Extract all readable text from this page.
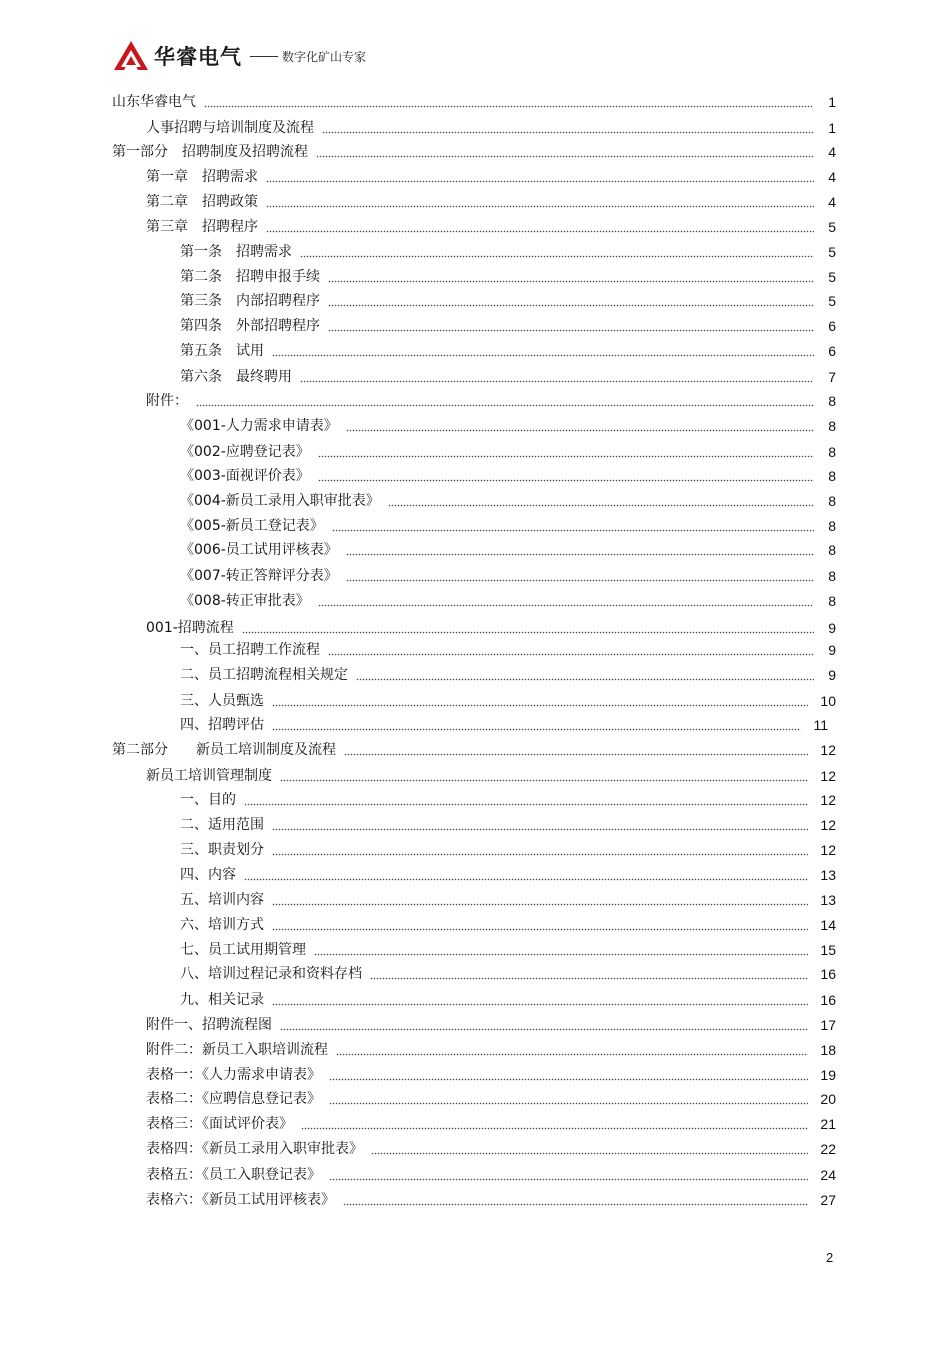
华睿电气	数字化矿山专家
山东华睿电气	1
人事招聘与培训制度及流程	1
第一部分　招聘制度及招聘流程	4
第一章　招聘需求	4
第二章　招聘政策	4
第三章　招聘程序	5
第一条　招聘需求	5
第二条　招聘申报手续	5
第三条　内部招聘程序	5
第四条　外部招聘程序	6
第五条　试用	6
第六条　最终聘用	7
附件：	8
《001-人力需求申请表》	8
《002-应聘登记表》	8
《003-面视评价表》	8
《004-新员工录用入职审批表》	8
《005-新员工登记表》	8
《006-员工试用评核表》	8
《007-转正答辩评分表》	8
《008-转正审批表》	8
001-招聘流程	9
一、员工招聘工作流程	9
二、员工招聘流程相关规定	9
三、人员甄选	10
四、招聘评估	11
第二部分　　新员工培训制度及流程	12
新员工培训管理制度	12
一、目的	12
二、适用范围	12
三、职责划分	12
四、内容	13
五、培训内容	13
六、培训方式	14
七、员工试用期管理	15
八、培训过程记录和资料存档	16
九、相关记录	16
附件一、招聘流程图	17
附件二：新员工入职培训流程	18
表格一：《人力需求申请表》	19
表格二：《应聘信息登记表》	20
表格三：《面试评价表》	21
表格四：《新员工录用入职审批表》	22
表格五：《员工入职登记表》	24
表格六：《新员工试用评核表》	27
2
